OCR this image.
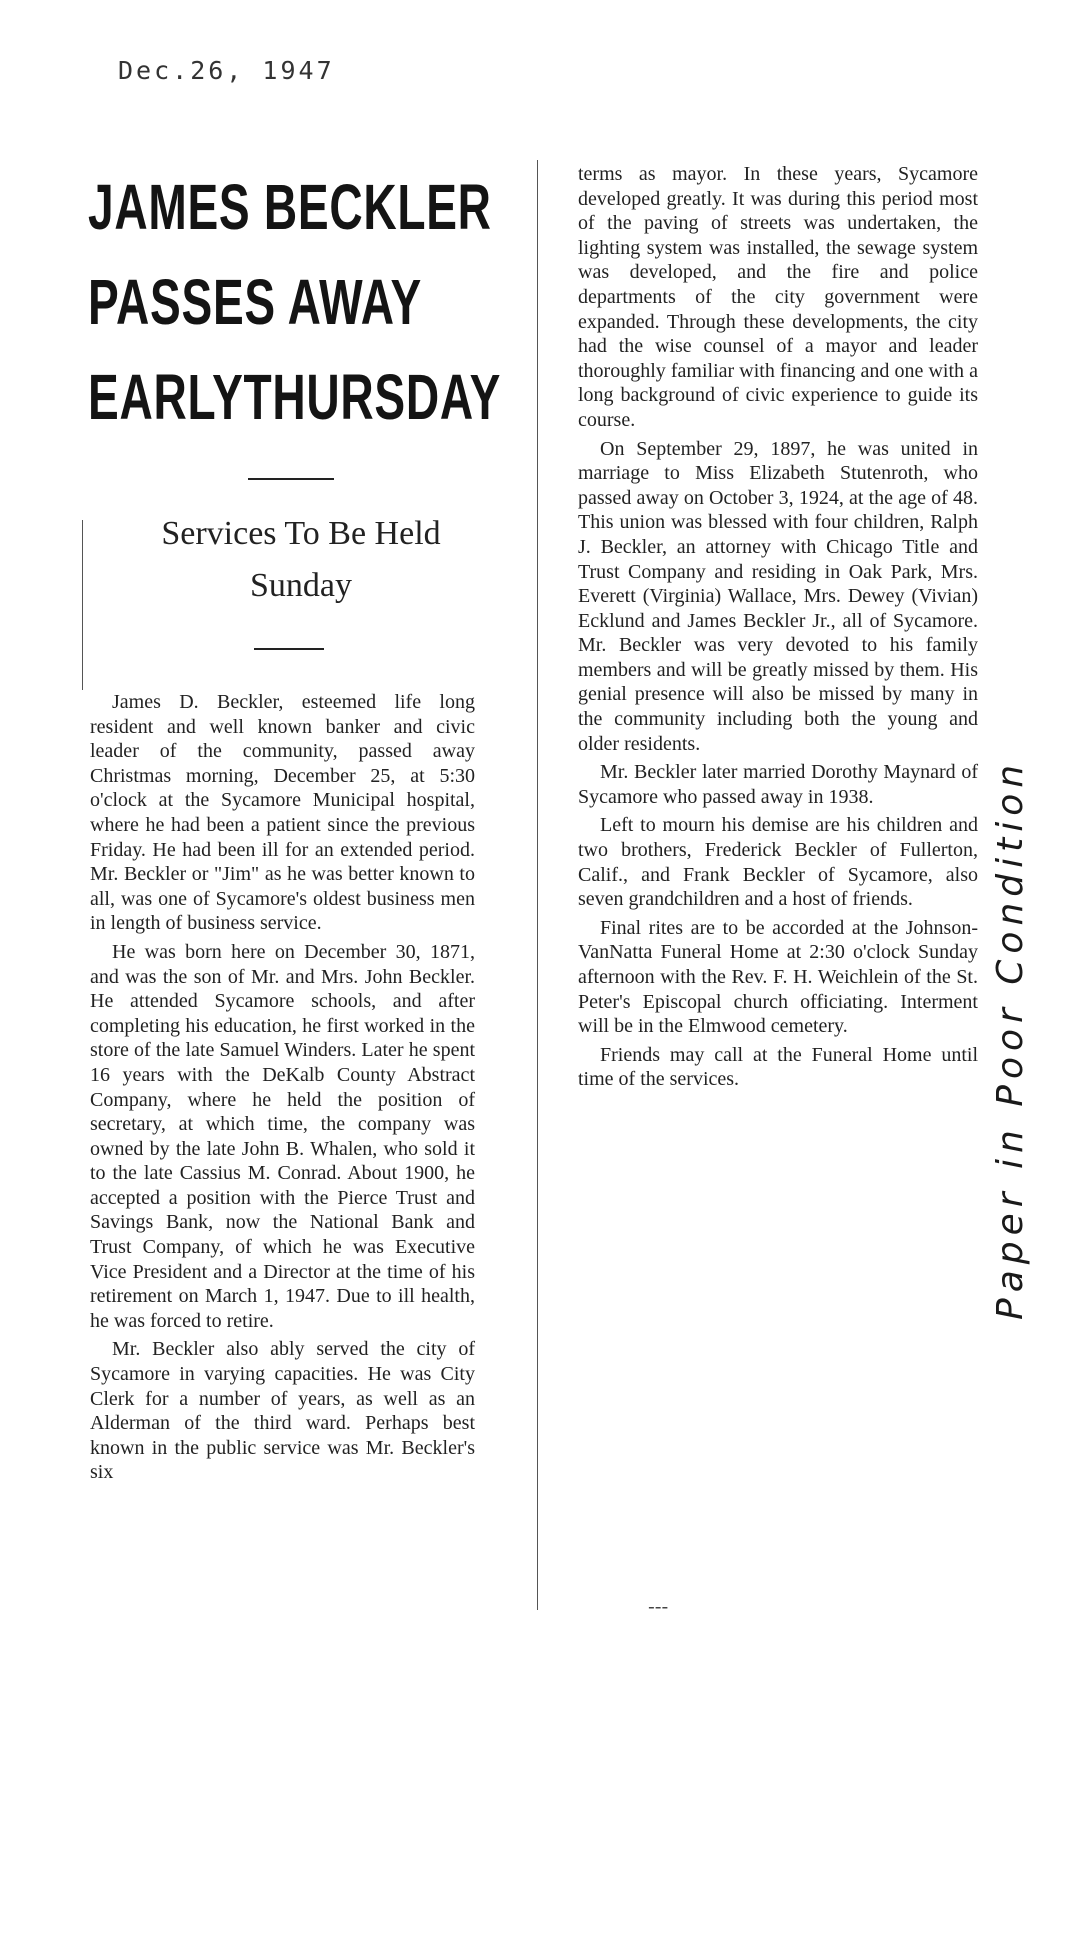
Dec.26, 1947
JAMES BECKLER
PASSES AWAY
EARLYTHURSDAY
Services To Be Held
Sunday

James D. Beckler, esteemed life long resident and well known banker and civic leader of the community, passed away Christmas morning, December 25, at 5:30 o'clock at the Sycamore Municipal hospital, where he had been a patient since the previous Friday. He had been ill for an extended period. Mr. Beckler or "Jim" as he was better known to all, was one of Sycamore's oldest business men in length of business service.

He was born here on December 30, 1871, and was the son of Mr. and Mrs. John Beckler. He attended Sycamore schools, and after completing his education, he first worked in the store of the late Samuel Winders. Later he spent 16 years with the DeKalb County Abstract Company, where he held the position of secretary, at which time, the company was owned by the late John B. Whalen, who sold it to the late Cassius M. Conrad. About 1900, he accepted a position with the Pierce Trust and Savings Bank, now the National Bank and Trust Company, of which he was Executive Vice President and a Director at the time of his retirement on March 1, 1947. Due to ill health, he was forced to retire.

Mr. Beckler also ably served the city of Sycamore in varying capacities. He was City Clerk for a number of years, as well as an Alderman of the third ward. Perhaps best known in the public service was Mr. Beckler's six

terms as mayor. In these years, Sycamore developed greatly. It was during this period most of the paving of streets was undertaken, the lighting system was installed, the sewage system was developed, and the fire and police departments of the city government were expanded. Through these developments, the city had the wise counsel of a mayor and leader thoroughly familiar with financing and one with a long background of civic experience to guide its course.

On September 29, 1897, he was united in marriage to Miss Elizabeth Stutenroth, who passed away on October 3, 1924, at the age of 48. This union was blessed with four children, Ralph J. Beckler, an attorney with Chicago Title and Trust Company and residing in Oak Park, Mrs. Everett (Virginia) Wallace, Mrs. Dewey (Vivian) Ecklund and James Beckler Jr., all of Sycamore. Mr. Beckler was very devoted to his family members and will be greatly missed by them. His genial presence will also be missed by many in the community including both the young and older residents.

Mr. Beckler later married Dorothy Maynard of Sycamore who passed away in 1938.

Left to mourn his demise are his children and two brothers, Frederick Beckler of Fullerton, Calif., and Frank Beckler of Sycamore, also seven grandchildren and a host of friends.

Final rites are to be accorded at the Johnson-VanNatta Funeral Home at 2:30 o'clock Sunday afternoon with the Rev. F. H. Weichlein of the St. Peter's Episcopal church officiating. Interment will be in the Elmwood cemetery.

Friends may call at the Funeral Home until time of the services.

---
Paper in Poor Condition
